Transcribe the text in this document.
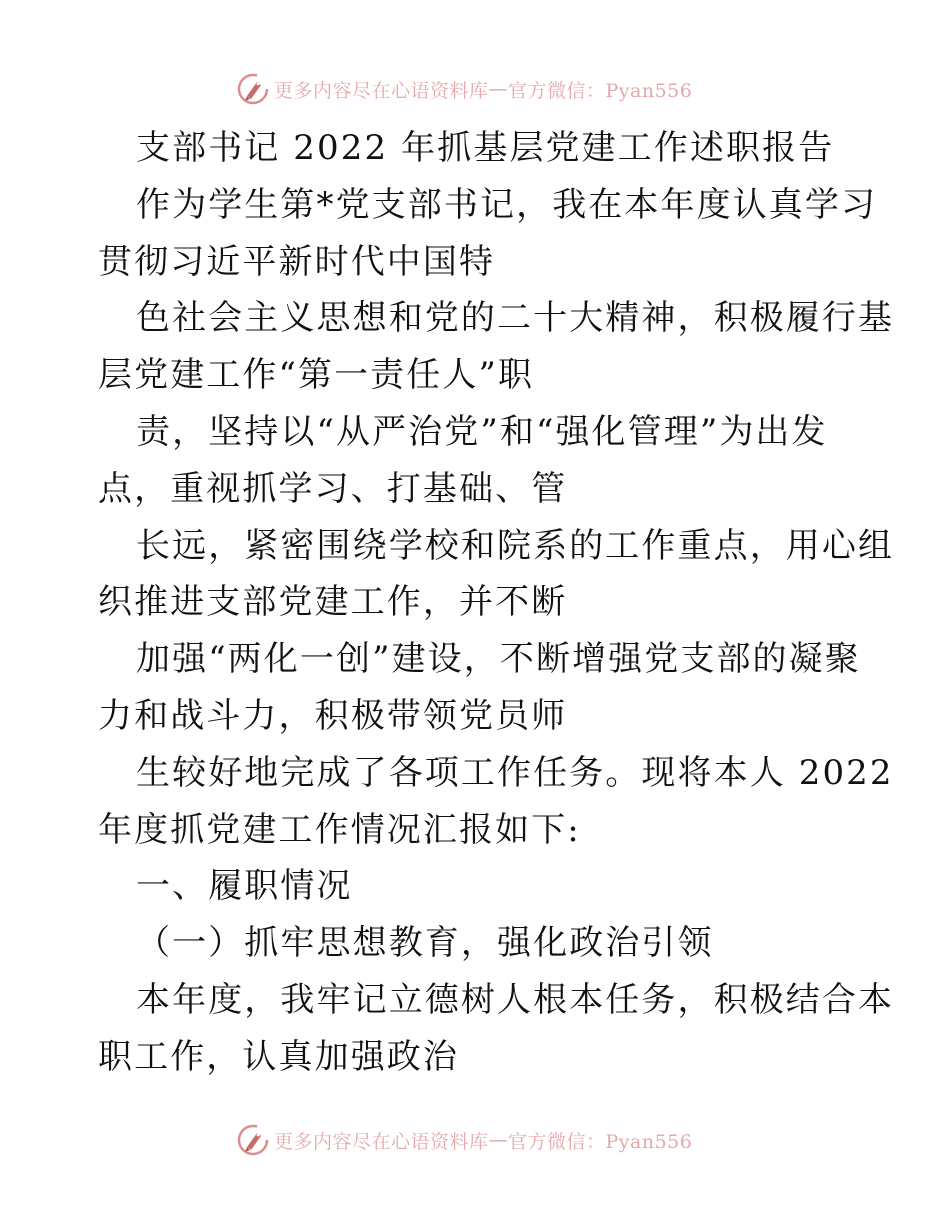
更多内容尽在心语资料库 — 官方微信：Pyan556
支部书记 2022 年抓基层党建工作述职报告
作为学生第*党支部书记，我在本年度认真学习
贯彻习近平新时代中国特
色社会主义思想和党的二十大精神，积极履行基
层党建工作“第一责任人”职
责，坚持以“从严治党”和“强化管理”为出发
点，重视抓学习、打基础、管
长远，紧密围绕学校和院系的工作重点，用心组
织推进支部党建工作，并不断
加强“两化一创”建设，不断增强党支部的凝聚
力和战斗力，积极带领党员师
生较好地完成了各项工作任务。现将本人 2022
年度抓党建工作情况汇报如下:
一、履职情况
（一）抓牢思想教育，强化政治引领
本年度，我牢记立德树人根本任务，积极结合本
职工作，认真加强政治
更多内容尽在心语资料库 — 官方微信：Pyan556
